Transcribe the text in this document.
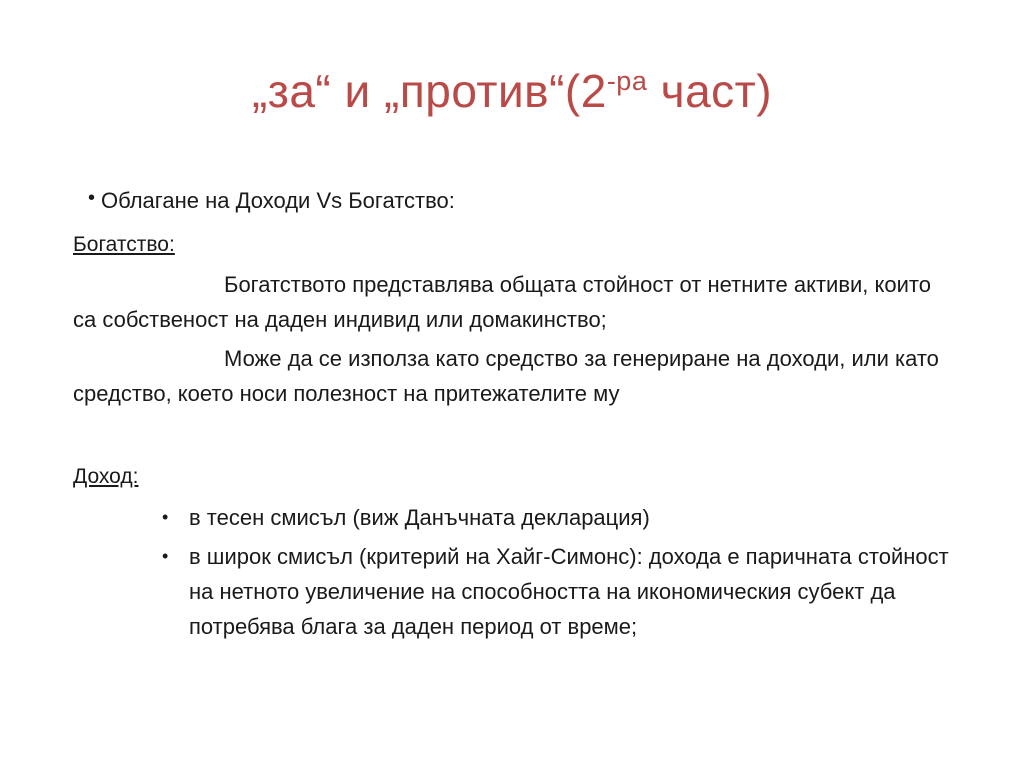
„за“ и $„против“(2^{-ра}$ част)
• Облагане на Доходи Vs Богатство:
Богатство:
Богатството представлява общата стойност от нетните активи, които са собственост на даден индивид или домакинство;
Може да се използа като средство за генериране на доходи, или като средство, което носи полезност на притежателите му
Доход:
• в тесен смисъл (виж Данъчната декларация)
• в широк смисъл (критерий на Хайг-Симонс): дохода е паричната стойност на нетното увеличение на способността на икономическия субект да потребява блага за даден период от време;
